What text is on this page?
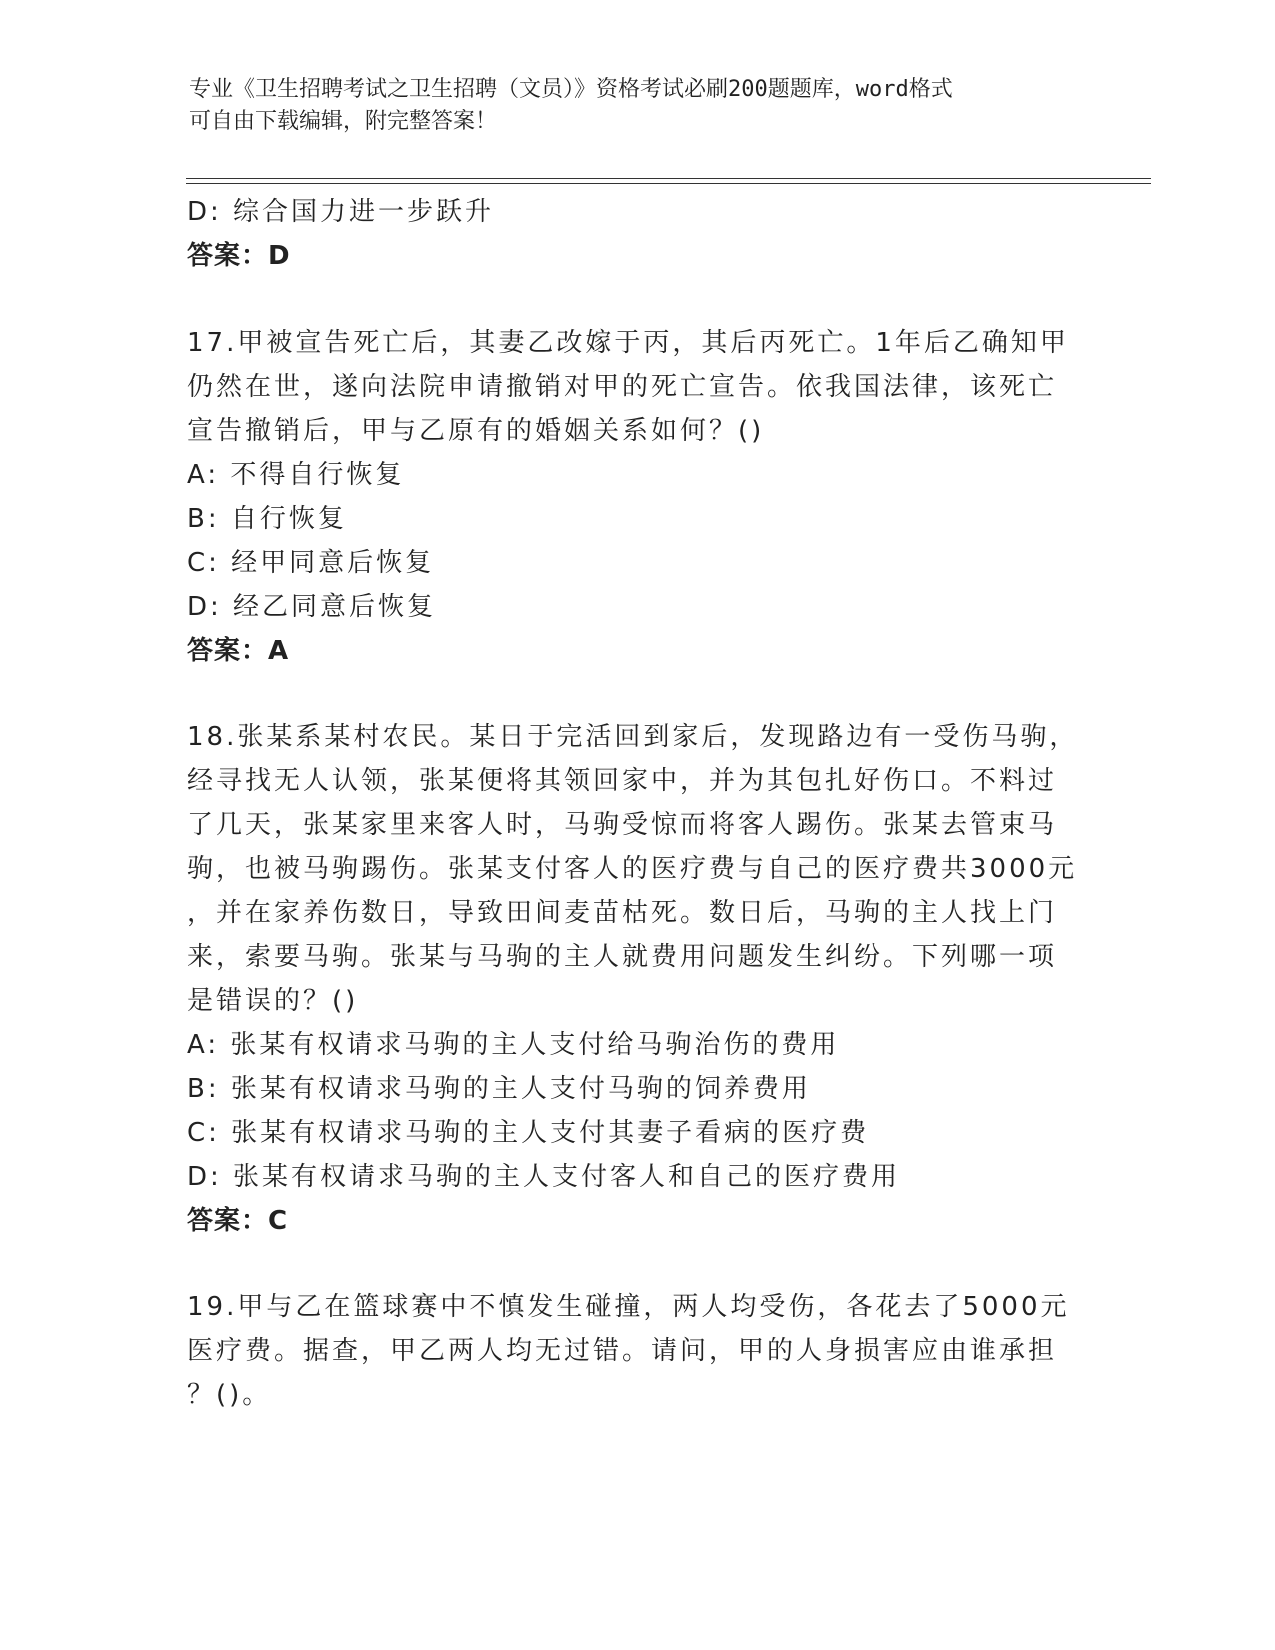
专业《卫生招聘考试之卫生招聘（文员）》资格考试必刷200题题库，word格式
可自由下载编辑，附完整答案！
D: 综合国力进一步跃升
答案：D
17.甲被宣告死亡后，其妻乙改嫁于丙，其后丙死亡。1年后乙确知甲
仍然在世，遂向法院申请撤销对甲的死亡宣告。依我国法律，该死亡
宣告撤销后，甲与乙原有的婚姻关系如何？()
A: 不得自行恢复
B: 自行恢复
C: 经甲同意后恢复
D: 经乙同意后恢复
答案：A
18.张某系某村农民。某日于完活回到家后，发现路边有一受伤马驹，
经寻找无人认领，张某便将其领回家中，并为其包扎好伤口。不料过
了几天，张某家里来客人时，马驹受惊而将客人踢伤。张某去管束马
驹，也被马驹踢伤。张某支付客人的医疗费与自己的医疗费共3000元
，并在家养伤数日，导致田间麦苗枯死。数日后，马驹的主人找上门
来，索要马驹。张某与马驹的主人就费用问题发生纠纷。下列哪一项
是错误的？()
A: 张某有权请求马驹的主人支付给马驹治伤的费用
B: 张某有权请求马驹的主人支付马驹的饲养费用
C: 张某有权请求马驹的主人支付其妻子看病的医疗费
D: 张某有权请求马驹的主人支付客人和自己的医疗费用
答案：C
19.甲与乙在篮球赛中不慎发生碰撞，两人均受伤，各花去了5000元
医疗费。据查，甲乙两人均无过错。请问，甲的人身损害应由谁承担
？()。
